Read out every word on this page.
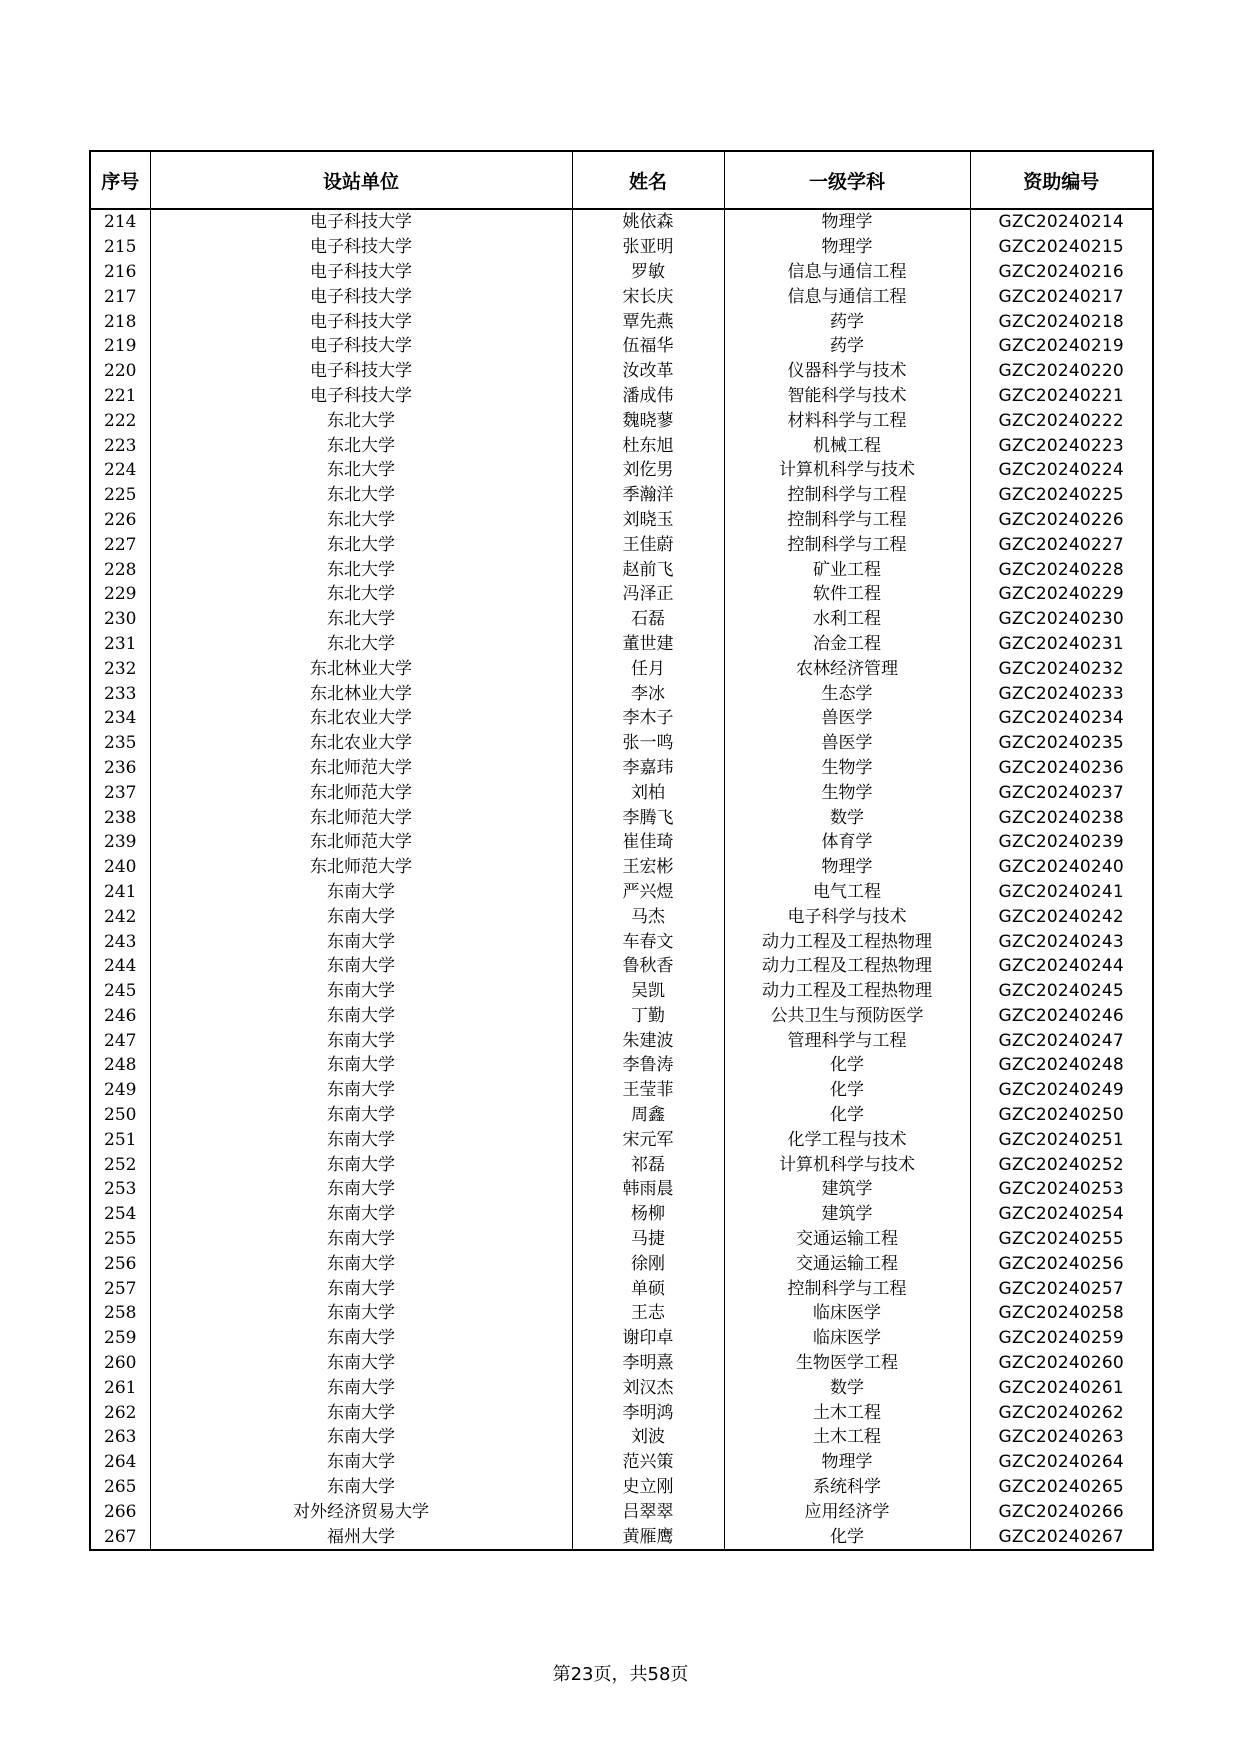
序号	设站单位	姓名	一级学科	资助编号
214	电子科技大学	姚依森	物理学	GZC20240214
215	电子科技大学	张亚明	物理学	GZC20240215
216	电子科技大学	罗敏	信息与通信工程	GZC20240216
217	电子科技大学	宋长庆	信息与通信工程	GZC20240217
218	电子科技大学	覃先燕	药学	GZC20240218
219	电子科技大学	伍福华	药学	GZC20240219
220	电子科技大学	汝改革	仪器科学与技术	GZC20240220
221	电子科技大学	潘成伟	智能科学与技术	GZC20240221
222	东北大学	魏晓蓼	材料科学与工程	GZC20240222
223	东北大学	杜东旭	机械工程	GZC20240223
224	东北大学	刘仡男	计算机科学与技术	GZC20240224
225	东北大学	季瀚洋	控制科学与工程	GZC20240225
226	东北大学	刘晓玉	控制科学与工程	GZC20240226
227	东北大学	王佳蔚	控制科学与工程	GZC20240227
228	东北大学	赵前飞	矿业工程	GZC20240228
229	东北大学	冯泽正	软件工程	GZC20240229
230	东北大学	石磊	水利工程	GZC20240230
231	东北大学	董世建	冶金工程	GZC20240231
232	东北林业大学	任月	农林经济管理	GZC20240232
233	东北林业大学	李冰	生态学	GZC20240233
234	东北农业大学	李木子	兽医学	GZC20240234
235	东北农业大学	张一鸣	兽医学	GZC20240235
236	东北师范大学	李嘉玮	生物学	GZC20240236
237	东北师范大学	刘柏	生物学	GZC20240237
238	东北师范大学	李腾飞	数学	GZC20240238
239	东北师范大学	崔佳琦	体育学	GZC20240239
240	东北师范大学	王宏彬	物理学	GZC20240240
241	东南大学	严兴煜	电气工程	GZC20240241
242	东南大学	马杰	电子科学与技术	GZC20240242
243	东南大学	车春文	动力工程及工程热物理	GZC20240243
244	东南大学	鲁秋香	动力工程及工程热物理	GZC20240244
245	东南大学	吴凯	动力工程及工程热物理	GZC20240245
246	东南大学	丁勤	公共卫生与预防医学	GZC20240246
247	东南大学	朱建波	管理科学与工程	GZC20240247
248	东南大学	李鲁涛	化学	GZC20240248
249	东南大学	王莹菲	化学	GZC20240249
250	东南大学	周鑫	化学	GZC20240250
251	东南大学	宋元军	化学工程与技术	GZC20240251
252	东南大学	祁磊	计算机科学与技术	GZC20240252
253	东南大学	韩雨晨	建筑学	GZC20240253
254	东南大学	杨柳	建筑学	GZC20240254
255	东南大学	马捷	交通运输工程	GZC20240255
256	东南大学	徐刚	交通运输工程	GZC20240256
257	东南大学	单硕	控制科学与工程	GZC20240257
258	东南大学	王志	临床医学	GZC20240258
259	东南大学	谢印卓	临床医学	GZC20240259
260	东南大学	李明熹	生物医学工程	GZC20240260
261	东南大学	刘汉杰	数学	GZC20240261
262	东南大学	李明鸿	土木工程	GZC20240262
263	东南大学	刘波	土木工程	GZC20240263
264	东南大学	范兴策	物理学	GZC20240264
265	东南大学	史立刚	系统科学	GZC20240265
266	对外经济贸易大学	吕翠翠	应用经济学	GZC20240266
267	福州大学	黄雁鹰	化学	GZC20240267
第23页，共58页
